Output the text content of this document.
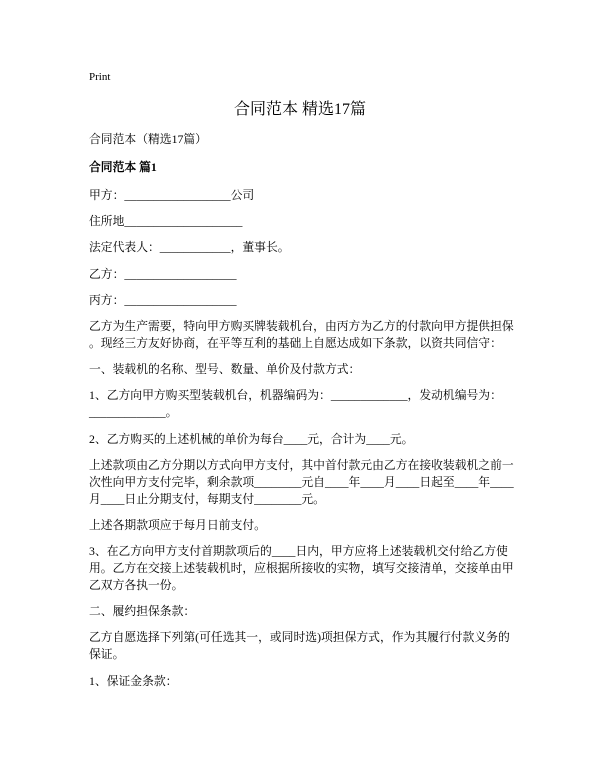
Print
合同范本 精选17篇
合同范本（精选17篇）
合同范本 篇1
甲方：__________________公司
住所地____________________
法定代表人：____________，董事长。
乙方：___________________
丙方：___________________
乙方为生产需要，特向甲方购买牌装载机台，由丙方为乙方的付款向甲方提供担保
。现经三方友好协商，在平等互利的基础上自愿达成如下条款，以资共同信守：
一、装载机的名称、型号、数量、单价及付款方式：
1、乙方向甲方购买型装载机台，机器编码为：_____________，发动机编号为：
_____________。
2、乙方购买的上述机械的单价为每台____元，合计为____元。
上述款项由乙方分期以方式向甲方支付，其中首付款元由乙方在接收装载机之前一
次性向甲方支付完毕，剩余款项________元自____年____月____日起至____年____
月____日止分期支付，每期支付________元。
上述各期款项应于每月日前支付。
3、在乙方向甲方支付首期款项后的____日内，甲方应将上述装载机交付给乙方使
用。乙方在交接上述装载机时，应根据所接收的实物，填写交接清单，交接单由甲
乙双方各执一份。
二、履约担保条款：
乙方自愿选择下列第(可任选其一，或同时选)项担保方式，作为其履行付款义务的
保证。
1、保证金条款：
